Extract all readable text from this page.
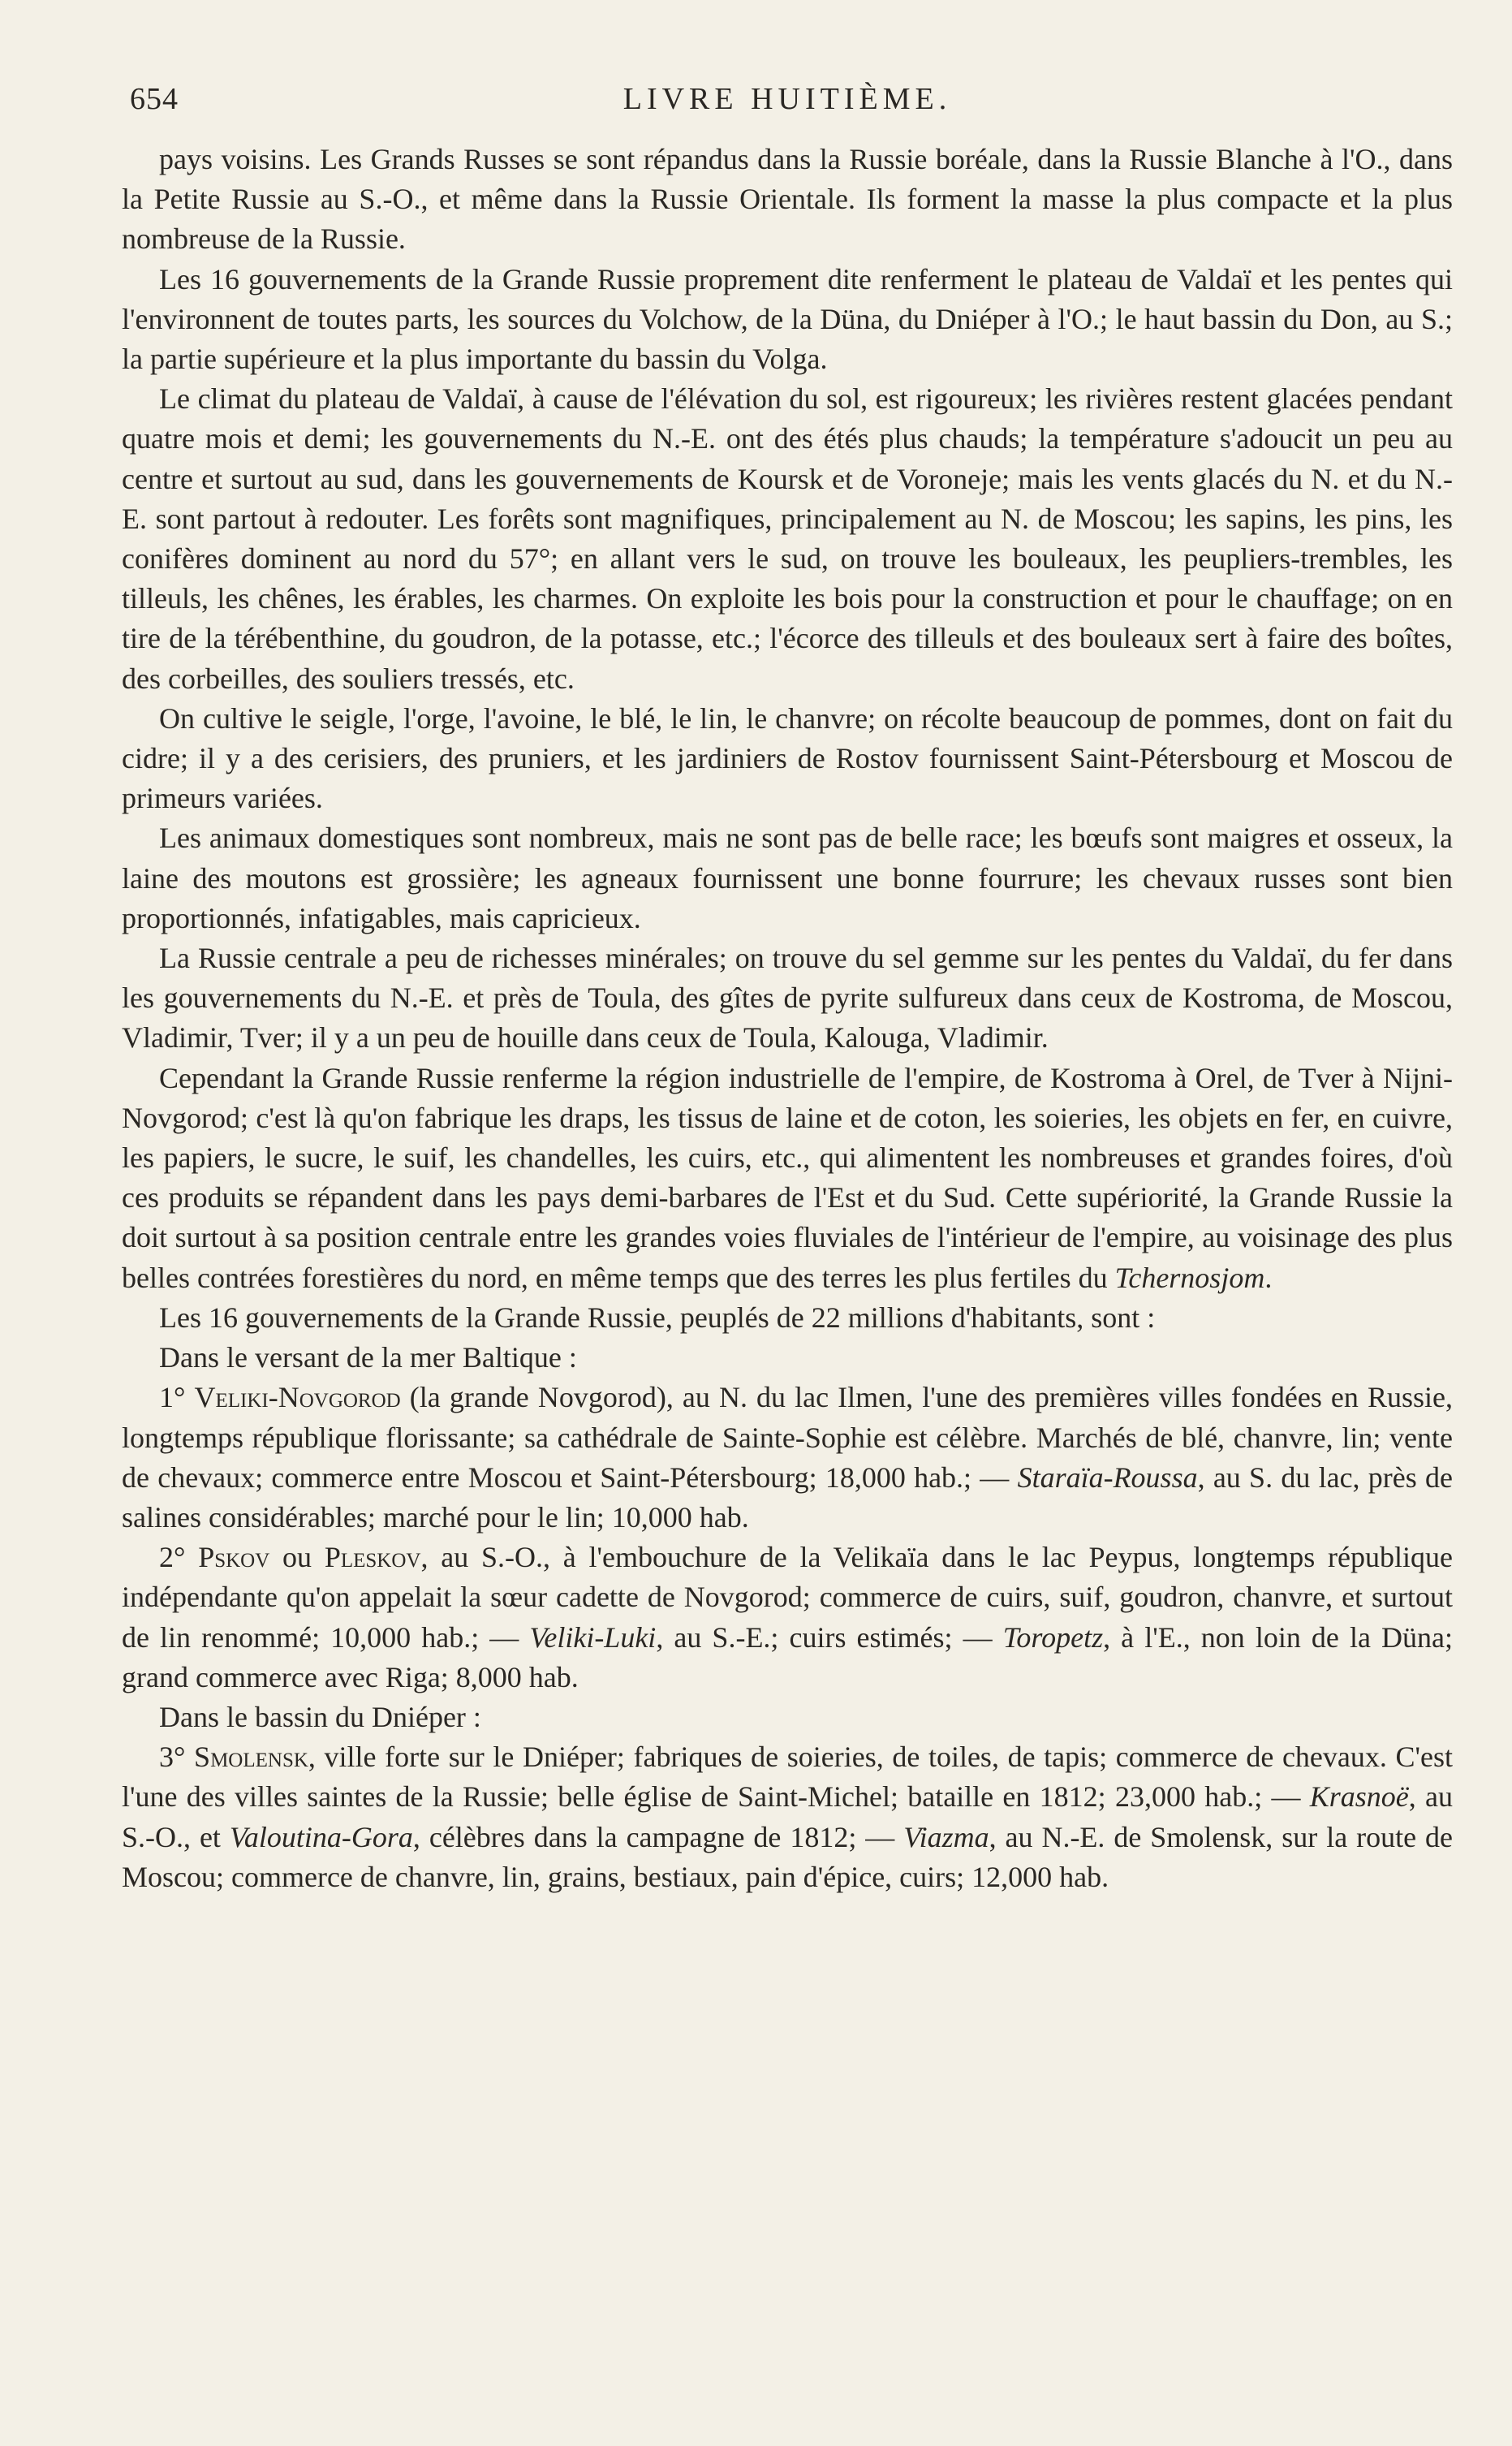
654	LIVRE HUITIÈME.

pays voisins. Les Grands Russes se sont répandus dans la Russie boréale, dans la Russie Blanche à l'O., dans la Petite Russie au S.-O., et même dans la Russie Orientale. Ils forment la masse la plus compacte et la plus nombreuse de la Russie.

Les 16 gouvernements de la Grande Russie proprement dite renferment le plateau de Valdaï et les pentes qui l'environnent de toutes parts, les sources du Volchow, de la Düna, du Dniéper à l'O.; le haut bassin du Don, au S.; la partie supérieure et la plus importante du bassin du Volga.

Le climat du plateau de Valdaï, à cause de l'élévation du sol, est rigoureux; les rivières restent glacées pendant quatre mois et demi; les gouvernements du N.-E. ont des étés plus chauds; la température s'adoucit un peu au centre et surtout au sud, dans les gouvernements de Koursk et de Voroneje; mais les vents glacés du N. et du N.-E. sont partout à redouter. Les forêts sont magnifiques, principalement au N. de Moscou; les sapins, les pins, les conifères dominent au nord du 57°; en allant vers le sud, on trouve les bouleaux, les peupliers-trembles, les tilleuls, les chênes, les érables, les charmes. On exploite les bois pour la construction et pour le chauffage; on en tire de la térébenthine, du goudron, de la potasse, etc.; l'écorce des tilleuls et des bouleaux sert à faire des boîtes, des corbeilles, des souliers tressés, etc.

On cultive le seigle, l'orge, l'avoine, le blé, le lin, le chanvre; on récolte beaucoup de pommes, dont on fait du cidre; il y a des cerisiers, des pruniers, et les jardiniers de Rostov fournissent Saint-Pétersbourg et Moscou de primeurs variées.

Les animaux domestiques sont nombreux, mais ne sont pas de belle race; les bœufs sont maigres et osseux, la laine des moutons est grossière; les agneaux fournissent une bonne fourrure; les chevaux russes sont bien proportionnés, infatigables, mais capricieux.

La Russie centrale a peu de richesses minérales; on trouve du sel gemme sur les pentes du Valdaï, du fer dans les gouvernements du N.-E. et près de Toula, des gîtes de pyrite sulfureux dans ceux de Kostroma, de Moscou, Vladimir, Tver; il y a un peu de houille dans ceux de Toula, Kalouga, Vladimir.

Cependant la Grande Russie renferme la région industrielle de l'empire, de Kostroma à Orel, de Tver à Nijni-Novgorod; c'est là qu'on fabrique les draps, les tissus de laine et de coton, les soieries, les objets en fer, en cuivre, les papiers, le sucre, le suif, les chandelles, les cuirs, etc., qui alimentent les nombreuses et grandes foires, d'où ces produits se répandent dans les pays demi-barbares de l'Est et du Sud. Cette supériorité, la Grande Russie la doit surtout à sa position centrale entre les grandes voies fluviales de l'intérieur de l'empire, au voisinage des plus belles contrées forestières du nord, en même temps que des terres les plus fertiles du Tchernosjom.

Les 16 gouvernements de la Grande Russie, peuplés de 22 millions d'habitants, sont :

Dans le versant de la mer Baltique :

1° Veliki-Novgorod (la grande Novgorod), au N. du lac Ilmen, l'une des premières villes fondées en Russie, longtemps république florissante; sa cathédrale de Sainte-Sophie est célèbre. Marchés de blé, chanvre, lin; vente de chevaux; commerce entre Moscou et Saint-Pétersbourg; 18,000 hab.; — Staraïa-Roussa, au S. du lac, près de salines considérables; marché pour le lin; 10,000 hab.

2° Pskov ou Pleskov, au S.-O., à l'embouchure de la Velikaïa dans le lac Peypus, longtemps république indépendante qu'on appelait la sœur cadette de Novgorod; commerce de cuirs, suif, goudron, chanvre, et surtout de lin renommé; 10,000 hab.; — Veliki-Luki, au S.-E.; cuirs estimés; — Toropetz, à l'E., non loin de la Düna; grand commerce avec Riga; 8,000 hab.

Dans le bassin du Dniéper :

3° Smolensk, ville forte sur le Dniéper; fabriques de soieries, de toiles, de tapis; commerce de chevaux. C'est l'une des villes saintes de la Russie; belle église de Saint-Michel; bataille en 1812; 23,000 hab.; — Krasnoë, au S.-O., et Valoutina-Gora, célèbres dans la campagne de 1812; — Viazma, au N.-E. de Smolensk, sur la route de Moscou; commerce de chanvre, lin, grains, bestiaux, pain d'épice, cuirs; 12,000 hab.
